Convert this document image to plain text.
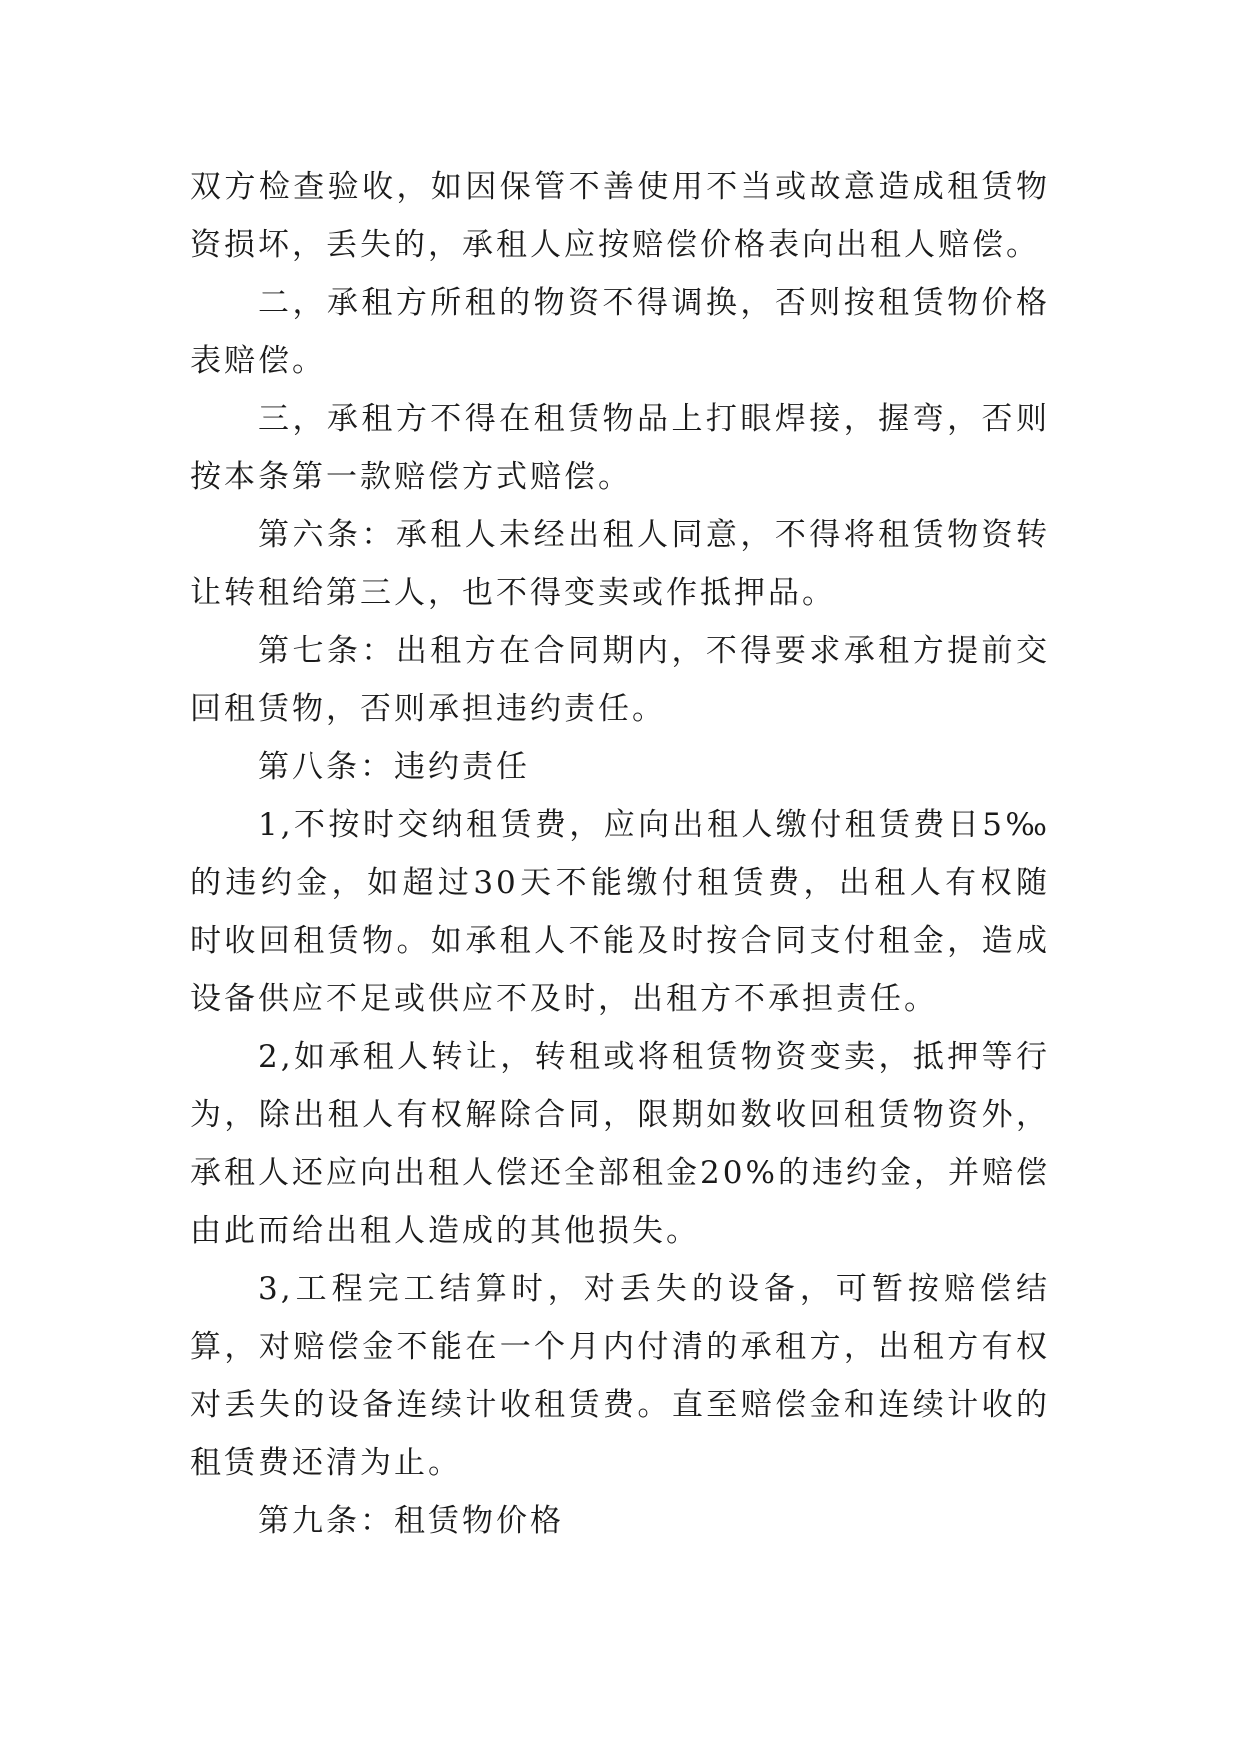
双方检查验收，如因保管不善使用不当或故意造成租赁物资损坏，丢失的，承租人应按赔偿价格表向出租人赔偿。

二，承租方所租的物资不得调换，否则按租赁物价格表赔偿。

三，承租方不得在租赁物品上打眼焊接，握弯，否则按本条第一款赔偿方式赔偿。

第六条：承租人未经出租人同意，不得将租赁物资转让转租给第三人，也不得变卖或作抵押品。

第七条：出租方在合同期内，不得要求承租方提前交回租赁物，否则承担违约责任。

第八条：违约责任

1,不按时交纳租赁费，应向出租人缴付租赁费日5‰的违约金，如超过30天不能缴付租赁费，出租人有权随时收回租赁物。如承租人不能及时按合同支付租金，造成设备供应不足或供应不及时，出租方不承担责任。

2,如承租人转让，转租或将租赁物资变卖，抵押等行为，除出租人有权解除合同，限期如数收回租赁物资外，承租人还应向出租人偿还全部租金20%的违约金，并赔偿由此而给出租人造成的其他损失。

3,工程完工结算时，对丢失的设备，可暂按赔偿结算，对赔偿金不能在一个月内付清的承租方，出租方有权对丢失的设备连续计收租赁费。直至赔偿金和连续计收的租赁费还清为止。

第九条：租赁物价格
